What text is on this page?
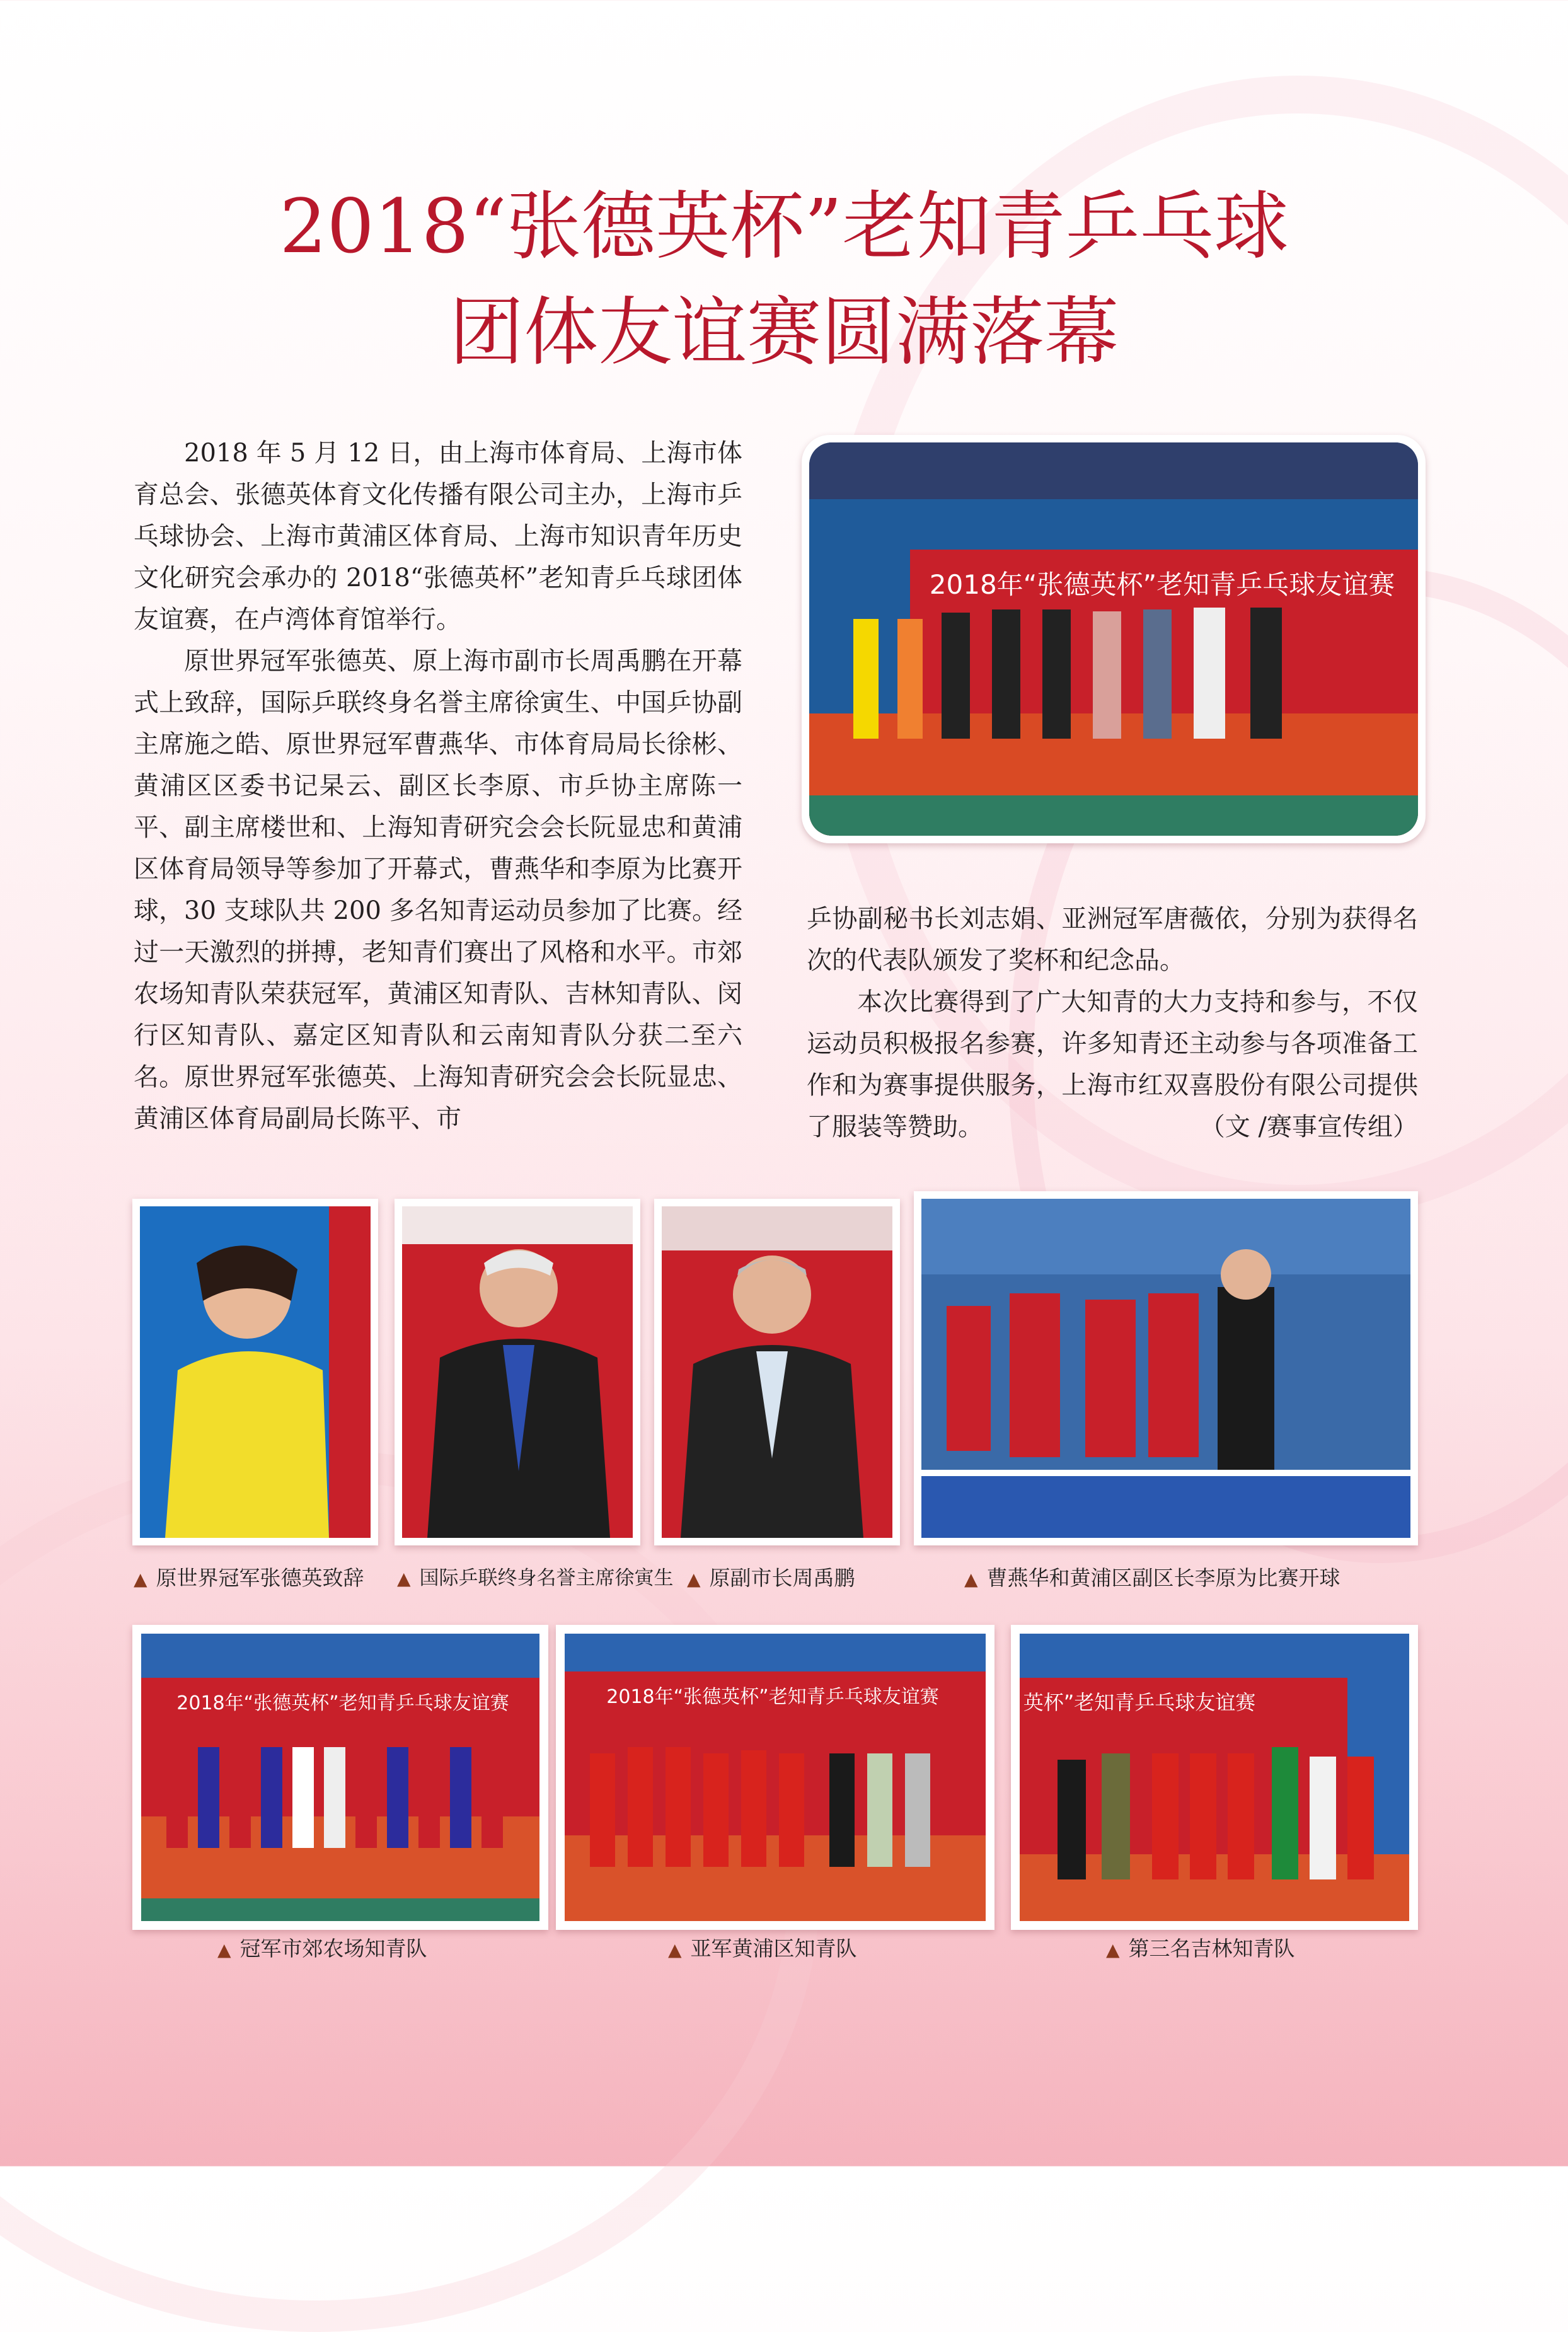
2018“张德英杯”老知青乒乓球
团体友谊赛圆满落幕

2018 年 5 月 12 日，由上海市体育局、上海市体育总会、张德英体育文化传播有限公司主办，上海市乒乓球协会、上海市黄浦区体育局、上海市知识青年历史文化研究会承办的 2018“张德英杯”老知青乒乓球团体友谊赛，在卢湾体育馆举行。

原世界冠军张德英、原上海市副市长周禹鹏在开幕式上致辞，国际乒联终身名誉主席徐寅生、中国乒协副主席施之皓、原世界冠军曹燕华、市体育局局长徐彬、黄浦区区委书记杲云、副区长李原、市乒协主席陈一平、副主席楼世和、上海知青研究会会长阮显忠和黄浦区体育局领导等参加了开幕式，曹燕华和李原为比赛开球，30 支球队共 200 多名知青运动员参加了比赛。经过一天激烈的拼搏，老知青们赛出了风格和水平。市郊农场知青队荣获冠军，黄浦区知青队、吉林知青队、闵行区知青队、嘉定区知青队和云南知青队分获二至六名。原世界冠军张德英、上海知青研究会会长阮显忠、黄浦区体育局副局长陈平、市

2018年“张德英杯”老知青乒乓球友谊赛

乒协副秘书长刘志娟、亚洲冠军唐薇依，分别为获得名次的代表队颁发了奖杯和纪念品。

本次比赛得到了广大知青的大力支持和参与，不仅运动员积极报名参赛，许多知青还主动参与各项准备工作和为赛事提供服务，上海市红双喜股份有限公司提供了服装等赞助。	（文 /赛事宣传组）

▲ 原世界冠军张德英致辞 ▲ 国际乒联终身名誉主席徐寅生 ▲ 原副市长周禹鹏	▲ 曹燕华和黄浦区副区长李原为比赛开球
2018年“张德英杯”老知青乒乓球友谊赛	2018年“张德英杯”老知青乒乓球友谊赛	英杯”老知青乒乓球友谊赛
▲ 冠军市郊农场知青队	▲ 亚军黄浦区知青队	▲ 第三名吉林知青队
